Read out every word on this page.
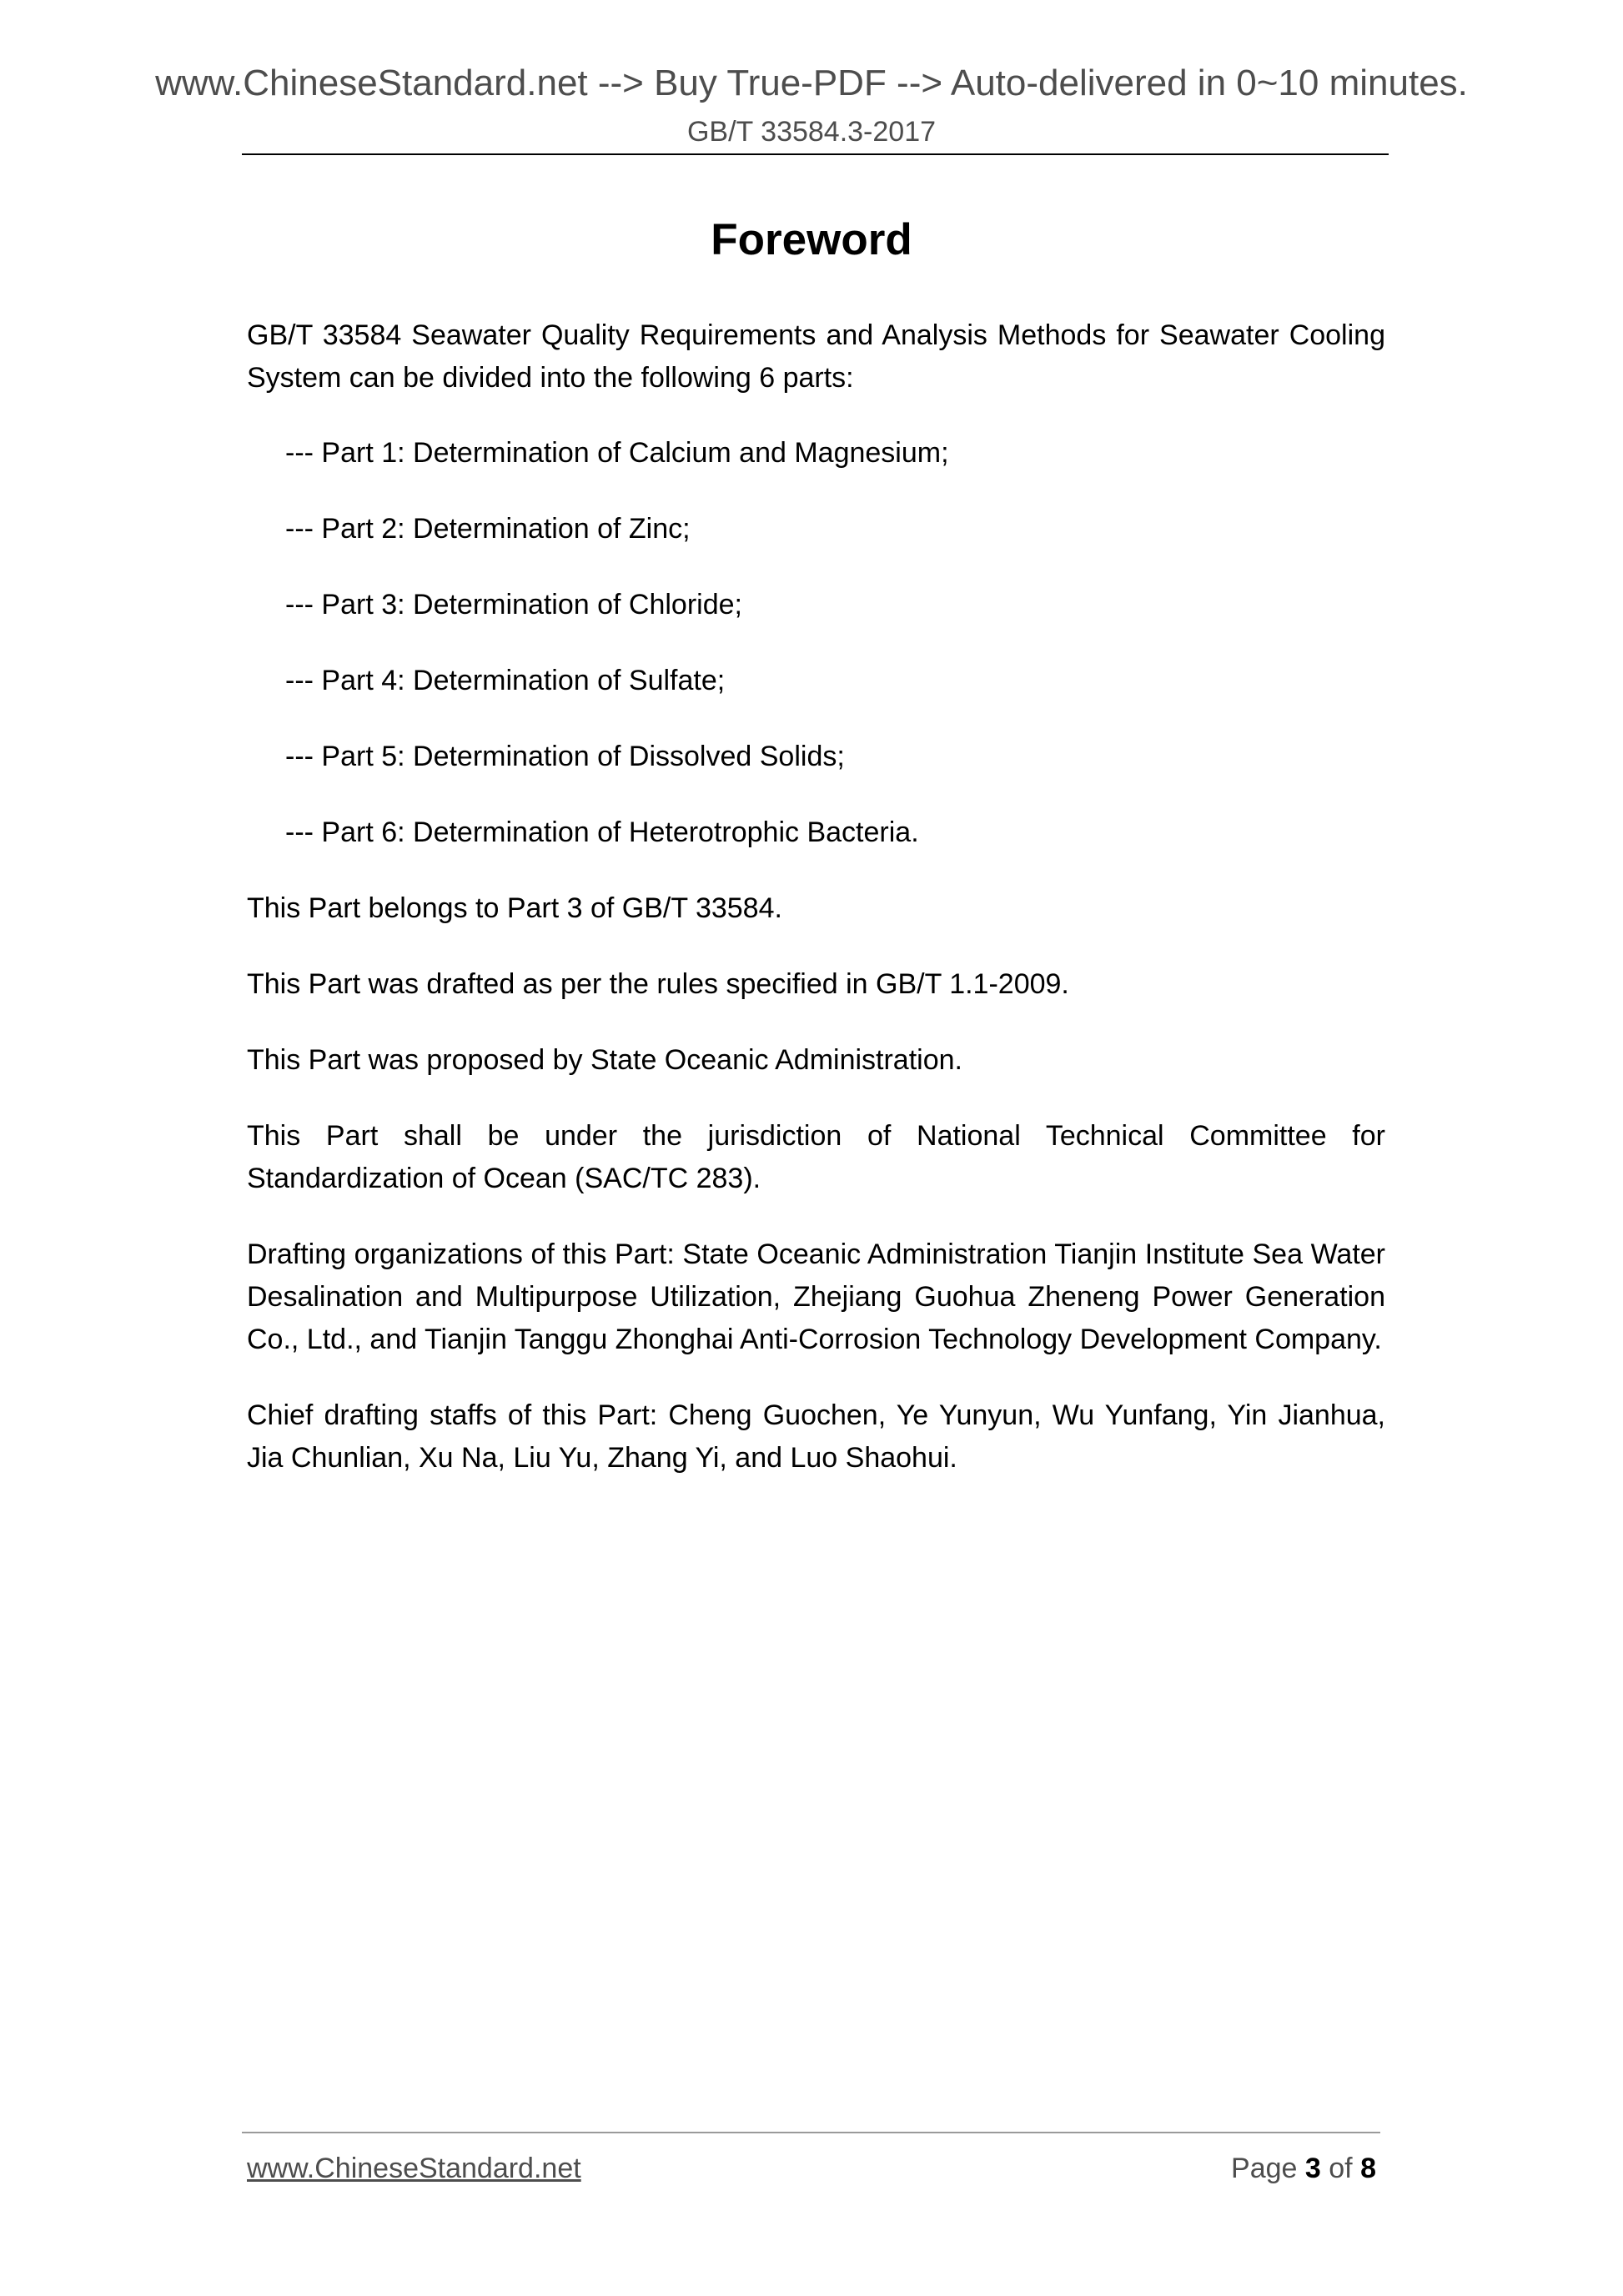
www.ChineseStandard.net --> Buy True-PDF --> Auto-delivered in 0~10 minutes.
GB/T 33584.3-2017
Foreword

GB/T 33584 Seawater Quality Requirements and Analysis Methods for Seawater Cooling System can be divided into the following 6 parts:

--- Part 1: Determination of Calcium and Magnesium;
--- Part 2: Determination of Zinc;
--- Part 3: Determination of Chloride;
--- Part 4: Determination of Sulfate;
--- Part 5: Determination of Dissolved Solids;
--- Part 6: Determination of Heterotrophic Bacteria.

This Part belongs to Part 3 of GB/T 33584.

This Part was drafted as per the rules specified in GB/T 1.1-2009.

This Part was proposed by State Oceanic Administration.

This Part shall be under the jurisdiction of National Technical Committee for Standardization of Ocean (SAC/TC 283).

Drafting organizations of this Part: State Oceanic Administration Tianjin Institute Sea Water Desalination and Multipurpose Utilization, Zhejiang Guohua Zheneng Power Generation Co., Ltd., and Tianjin Tanggu Zhonghai Anti-Corrosion Technology Development Company.

Chief drafting staffs of this Part: Cheng Guochen, Ye Yunyun, Wu Yunfang, Yin Jianhua, Jia Chunlian, Xu Na, Liu Yu, Zhang Yi, and Luo Shaohui.

www.ChineseStandard.net	Page 3 of 8
